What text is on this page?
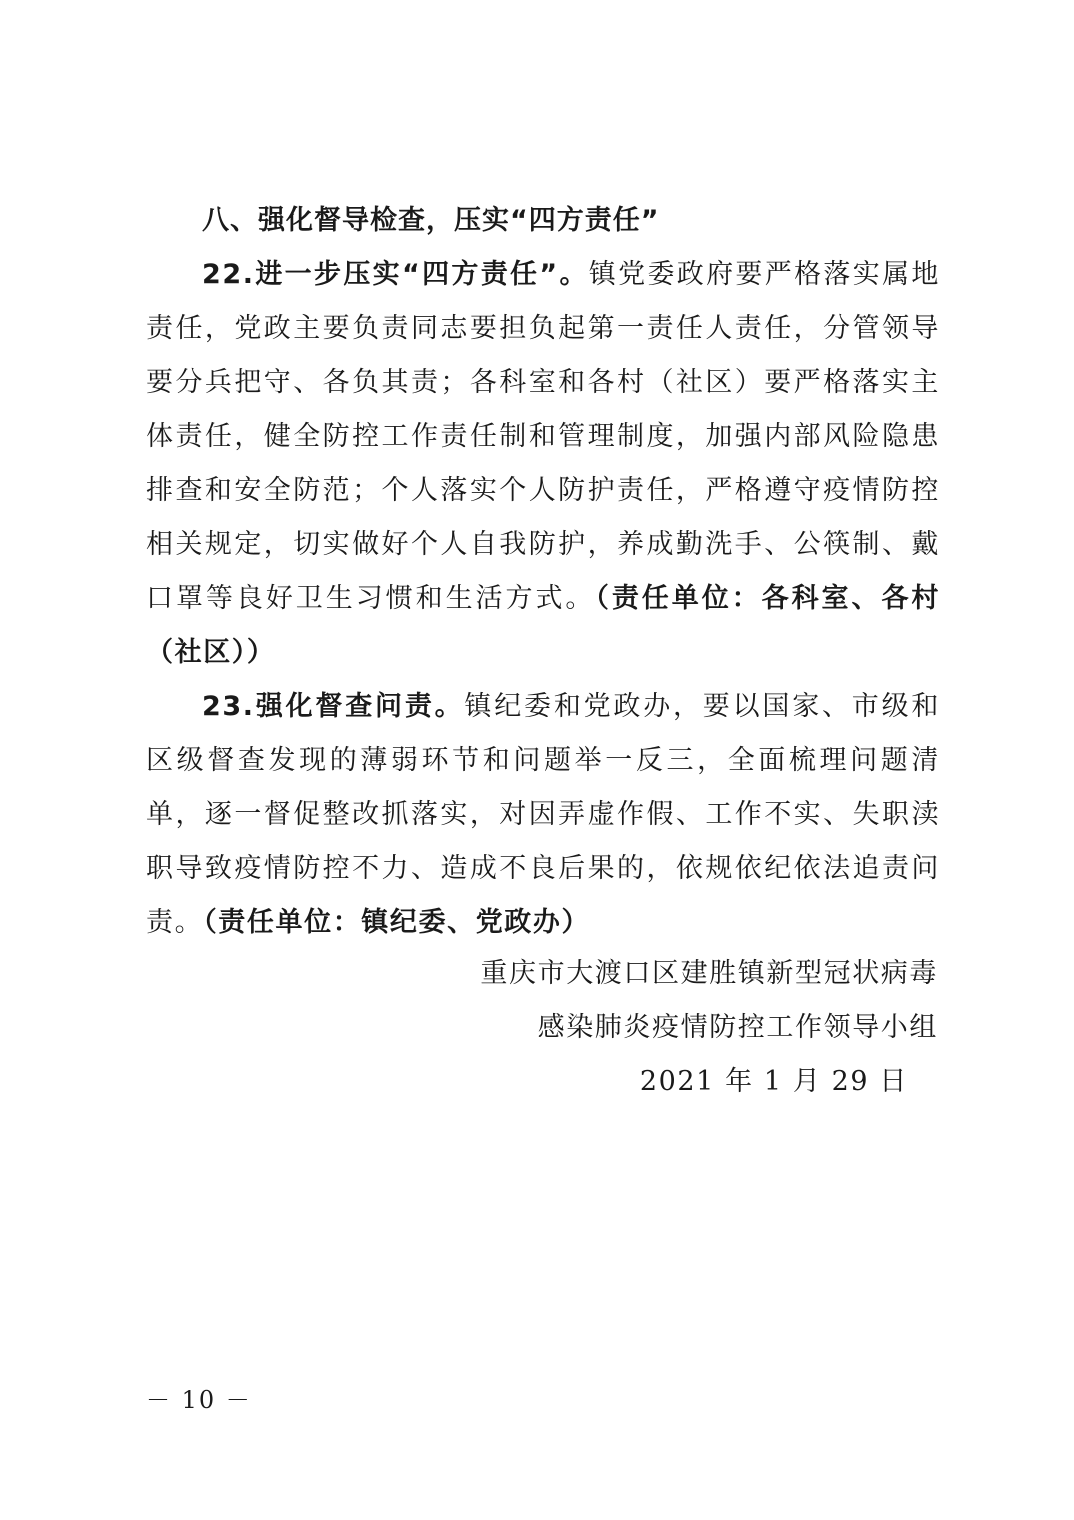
八、强化督导检查，压实“四方责任”

22.进一步压实“四方责任”。镇党委政府要严格落实属地责任，党政主要负责同志要担负起第一责任人责任，分管领导要分兵把守、各负其责；各科室和各村（社区）要严格落实主体责任，健全防控工作责任制和管理制度，加强内部风险隐患排查和安全防范；个人落实个人防护责任，严格遵守疫情防控相关规定，切实做好个人自我防护，养成勤洗手、公筷制、戴口罩等良好卫生习惯和生活方式。（责任单位：各科室、各村（社区））

23.强化督查问责。镇纪委和党政办，要以国家、市级和区级督查发现的薄弱环节和问题举一反三，全面梳理问题清单，逐一督促整改抓落实，对因弄虚作假、工作不实、失职渎职导致疫情防控不力、造成不良后果的，依规依纪依法追责问责。（责任单位：镇纪委、党政办）

重庆市大渡口区建胜镇新型冠状病毒
感染肺炎疫情防控工作领导小组
2021 年 1 月 29 日
－ 10 －
